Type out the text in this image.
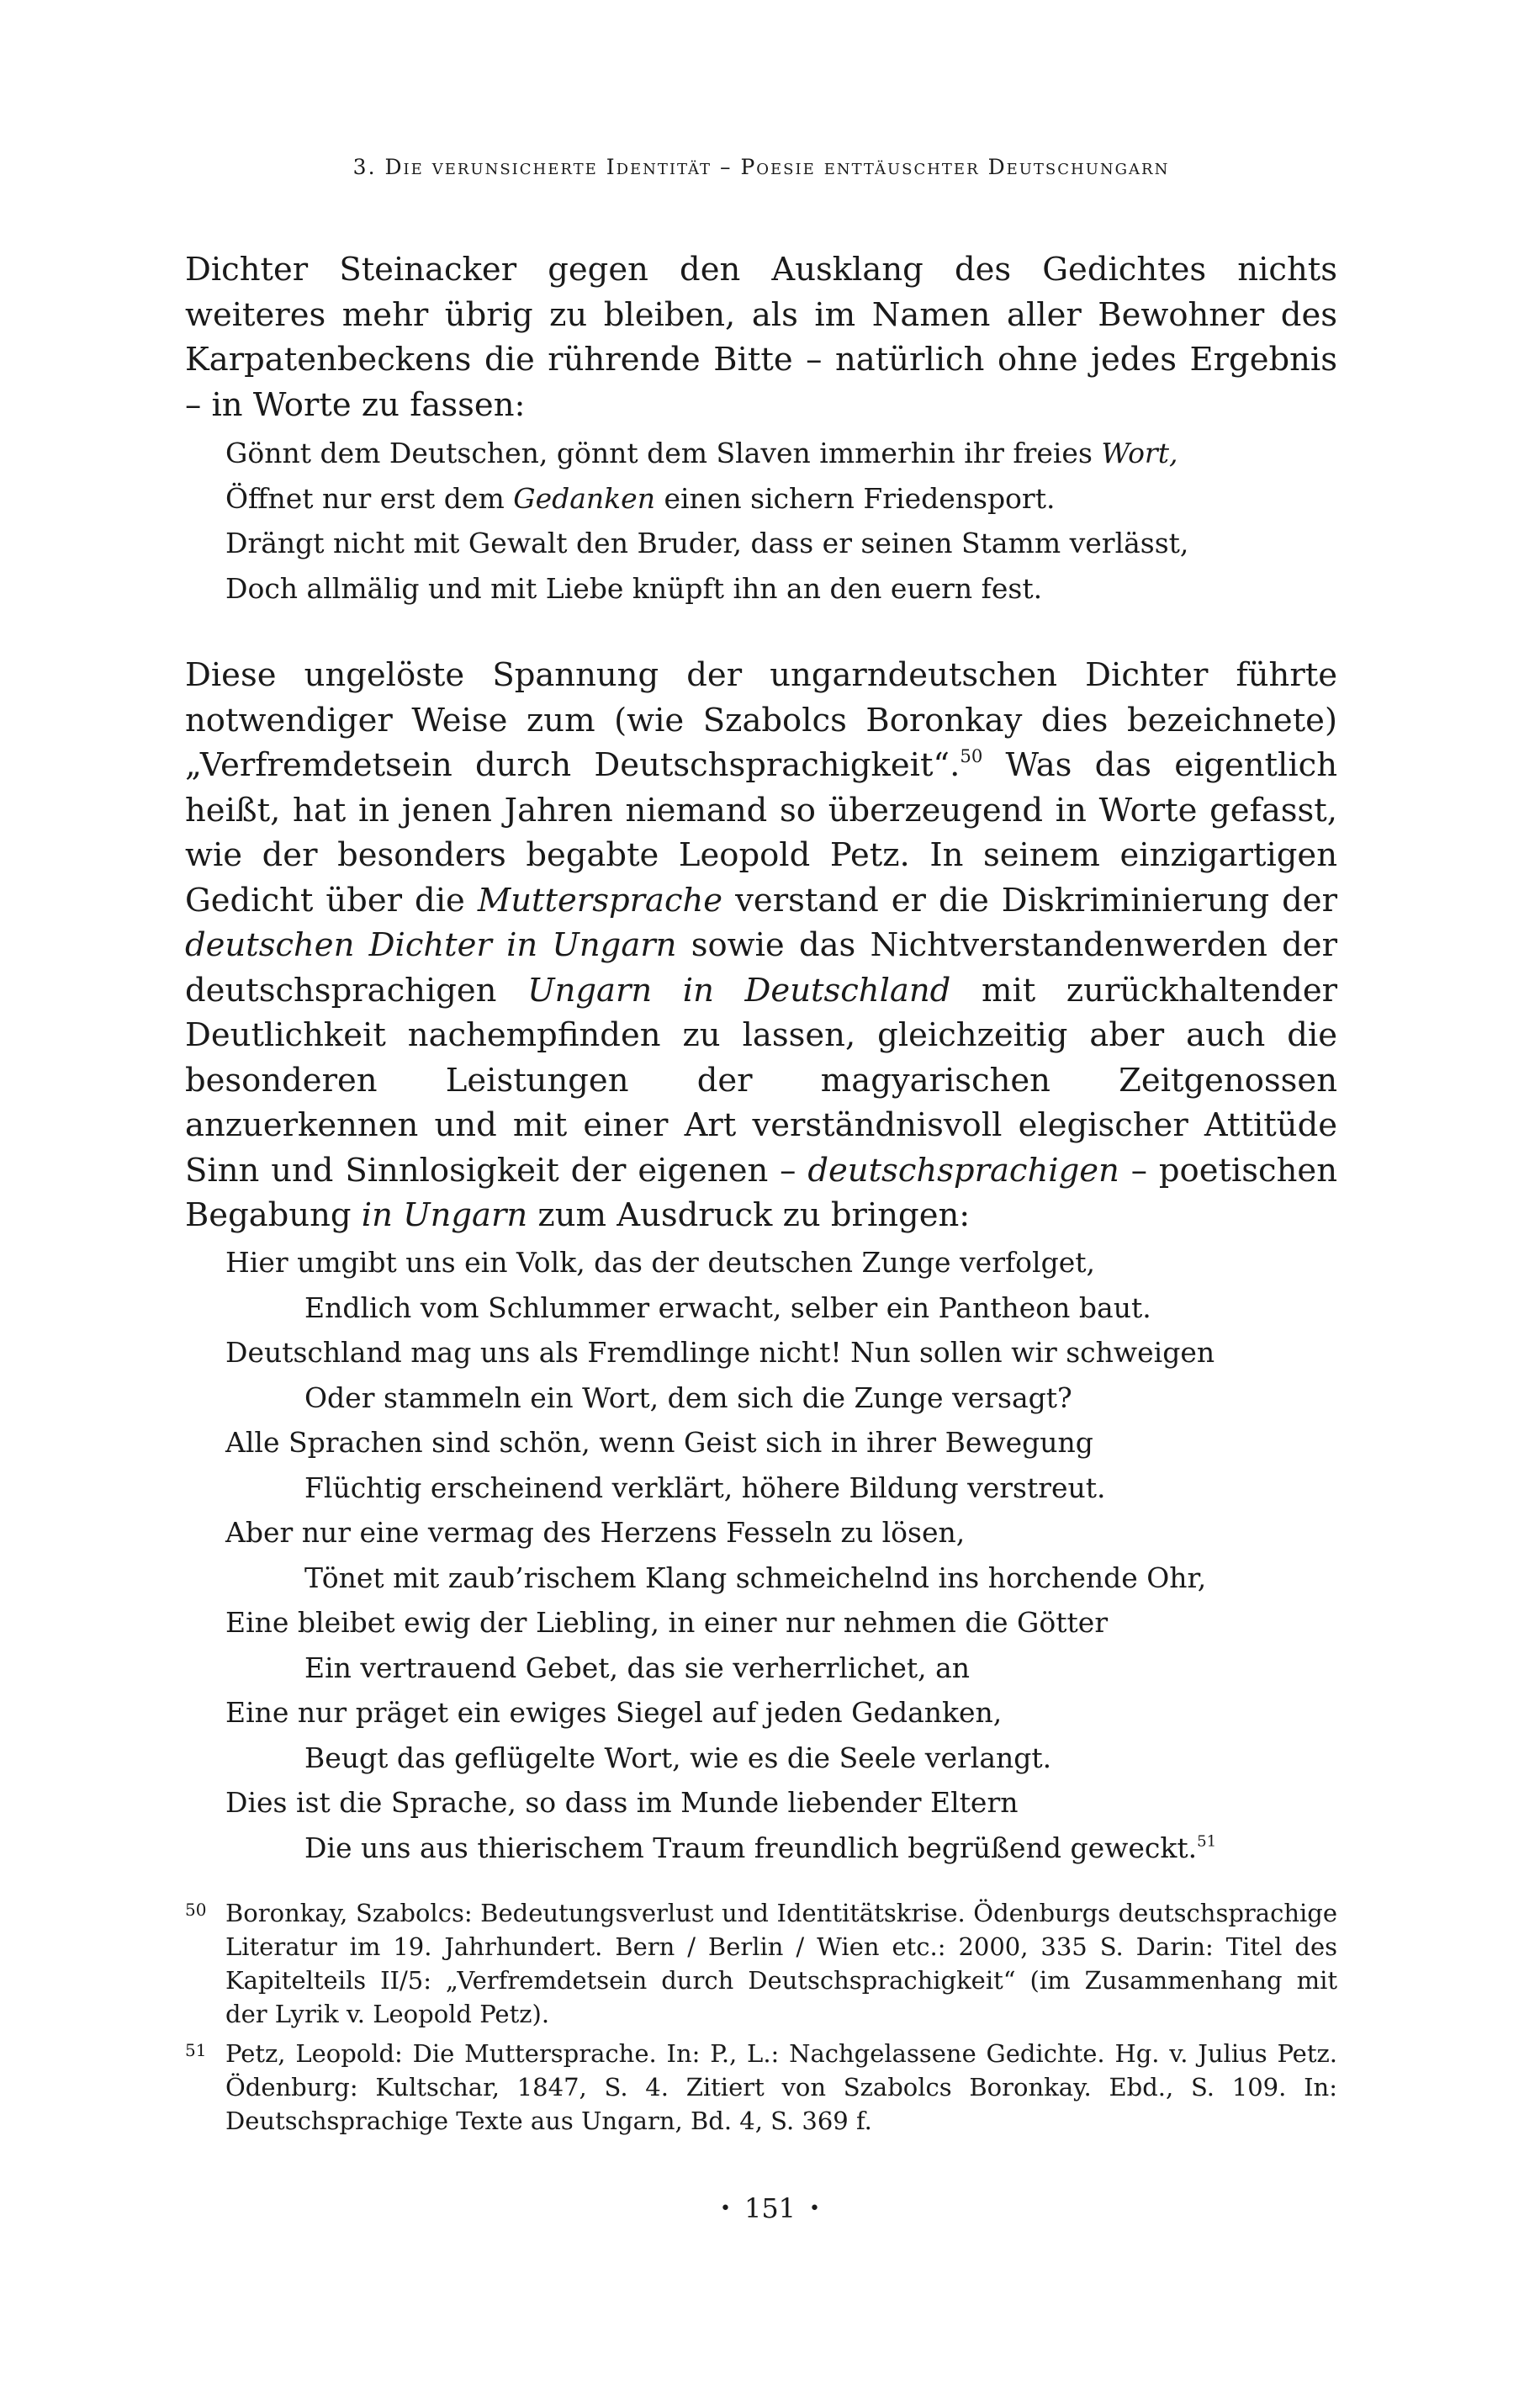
3. Die verunsicherte Identität – Poesie enttäuschter Deutschungarn

Dichter Steinacker gegen den Ausklang des Gedichtes nichts weiteres mehr übrig zu bleiben, als im Namen aller Bewohner des Karpatenbeckens die rührende Bitte – natürlich ohne jedes Ergebnis – in Worte zu fassen:

Gönnt dem Deutschen, gönnt dem Slaven immerhin ihr freies Wort,
Öffnet nur erst dem Gedanken einen sichern Friedensport.
Drängt nicht mit Gewalt den Bruder, dass er seinen Stamm verlässt,
Doch allmälig und mit Liebe knüpft ihn an den euern fest.

Diese ungelöste Spannung der ungarndeutschen Dichter führte notwendiger Weise zum (wie Szabolcs Boronkay dies bezeichnete) „Verfremdetsein durch Deutschsprachigkeit“.$^{50}$ Was das eigentlich heißt, hat in jenen Jahren niemand so überzeugend in Worte gefasst, wie der besonders begabte Leopold Petz. In seinem einzigartigen Gedicht über die Muttersprache verstand er die Diskriminierung der deutschen Dichter in Ungarn sowie das Nichtverstandenwerden der deutschsprachigen Ungarn in Deutschland mit zurückhaltender Deutlichkeit nachempfinden zu lassen, gleichzeitig aber auch die besonderen Leistungen der magyarischen Zeitgenossen anzuerkennen und mit einer Art verständnisvoll elegischer Attitüde Sinn und Sinnlosigkeit der eigenen – deutschsprachigen – poetischen Begabung in Ungarn zum Ausdruck zu bringen:

Hier umgibt uns ein Volk, das der deutschen Zunge verfolget,
Endlich vom Schlummer erwacht, selber ein Pantheon baut.
Deutschland mag uns als Fremdlinge nicht! Nun sollen wir schweigen
Oder stammeln ein Wort, dem sich die Zunge versagt?
Alle Sprachen sind schön, wenn Geist sich in ihrer Bewegung
Flüchtig erscheinend verklärt, höhere Bildung verstreut.
Aber nur eine vermag des Herzens Fesseln zu lösen,
Tönet mit zaub’rischem Klang schmeichelnd ins horchende Ohr,
Eine bleibet ewig der Liebling, in einer nur nehmen die Götter
Ein vertrauend Gebet, das sie verherrlichet, an
Eine nur präget ein ewiges Siegel auf jeden Gedanken,
Beugt das geflügelte Wort, wie es die Seele verlangt.
Dies ist die Sprache, so dass im Munde liebender Eltern
Die uns aus thierischem Traum freundlich begrüßend geweckt.$^{51}$

50 Boronkay, Szabolcs: Bedeutungsverlust und Identitätskrise. Ödenburgs deutschsprachige Literatur im 19. Jahrhundert. Bern / Berlin / Wien etc.: 2000, 335 S. Darin: Titel des Kapitelteils II/5: „Verfremdetsein durch Deutschsprachigkeit“ (im Zusammenhang mit der Lyrik v. Leopold Petz).

51 Petz, Leopold: Die Muttersprache. In: P., L.: Nachgelassene Gedichte. Hg. v. Julius Petz. Ödenburg: Kultschar, 1847, S. 4. Zitiert von Szabolcs Boronkay. Ebd., S. 109. In: Deutschsprachige Texte aus Ungarn, Bd. 4, S. 369 f.

• 151 •
